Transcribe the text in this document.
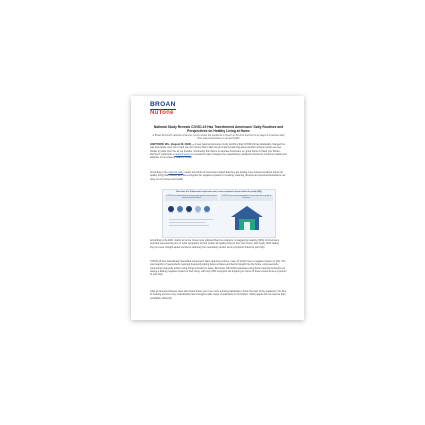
BROAN
NuTone

National Study Reveals COVID-19 Has Transformed Americans' Daily Routines and Perspectives on Healthy Living at Home

A Broan-NuTone® national consumer survey shows the pandemic's impact on the time and the home plays in American daily lives and perspectives on air and health

HARTFORD, Wis. (August 20, 2020) — A new national consumer study confirms that COVID-19 has drastically changed the way Americans view, live in and use our homes. But it also has prompted a learning about another scheme known as user shelter in place from the air we breathe. Continuing this theme to educate Americans on ‘good home to thank you’ Broan-NuTone® undertook a national survey to reveal the major changes the extraordinary pandemic had led to consumer habits and attitudes in the areas of healthy homes.

According to the national study, nearly two-thirds of consumers stated that they are feeling more concerned about indoor air quality (IAQ) than before, with few recognize the negative impacts it’s cooking, cleaning, lifestyle and personal behaviours can have on our homes and health.

More than 9 in 10 Americans experience one or more symptoms of poor indoor air quality (IAQ)
COVID-19 has affected how much time people spend at home and how they feel about their homes
Cooking	Cleaning	Working	Exercise	Schooling
COVID-19 has increased respondents’ concern about the air quality of the homes

According to the EPA, indoor air is five times more polluted than the outdoors. A staggering majority (96%) of Americans reported experiencing one or more symptoms of poor indoor air quality (IAQ) in their own home, with nearly 40% stating they’ve never thought about members suffering from respiratory and/or sinus symptoms linked to poor IAQ.

COVID-19 has dramatically intensified consumers’ daily cleaning routines, many of which have a negative impact on IAQ. The vast majority of respondents reported frequently wiping down surfaces and items brought into the home, using aerosols, vacuuming frequently and/or using things intended to clean. But fewer still (19%) associate using these cleaning behaviors as having a lasting negative impact on their living, with only 23% recognize the lingering in rooms of these products as a symptom of poor IAQ.

Little as humans kitchens have also found home use to be more a driving destination. Since the start of the pandemic, the time of cooking at home may undoubtedly have brought a wide range of pollutants in the kitchen. Most people did not improve their ventilation efficiently.
